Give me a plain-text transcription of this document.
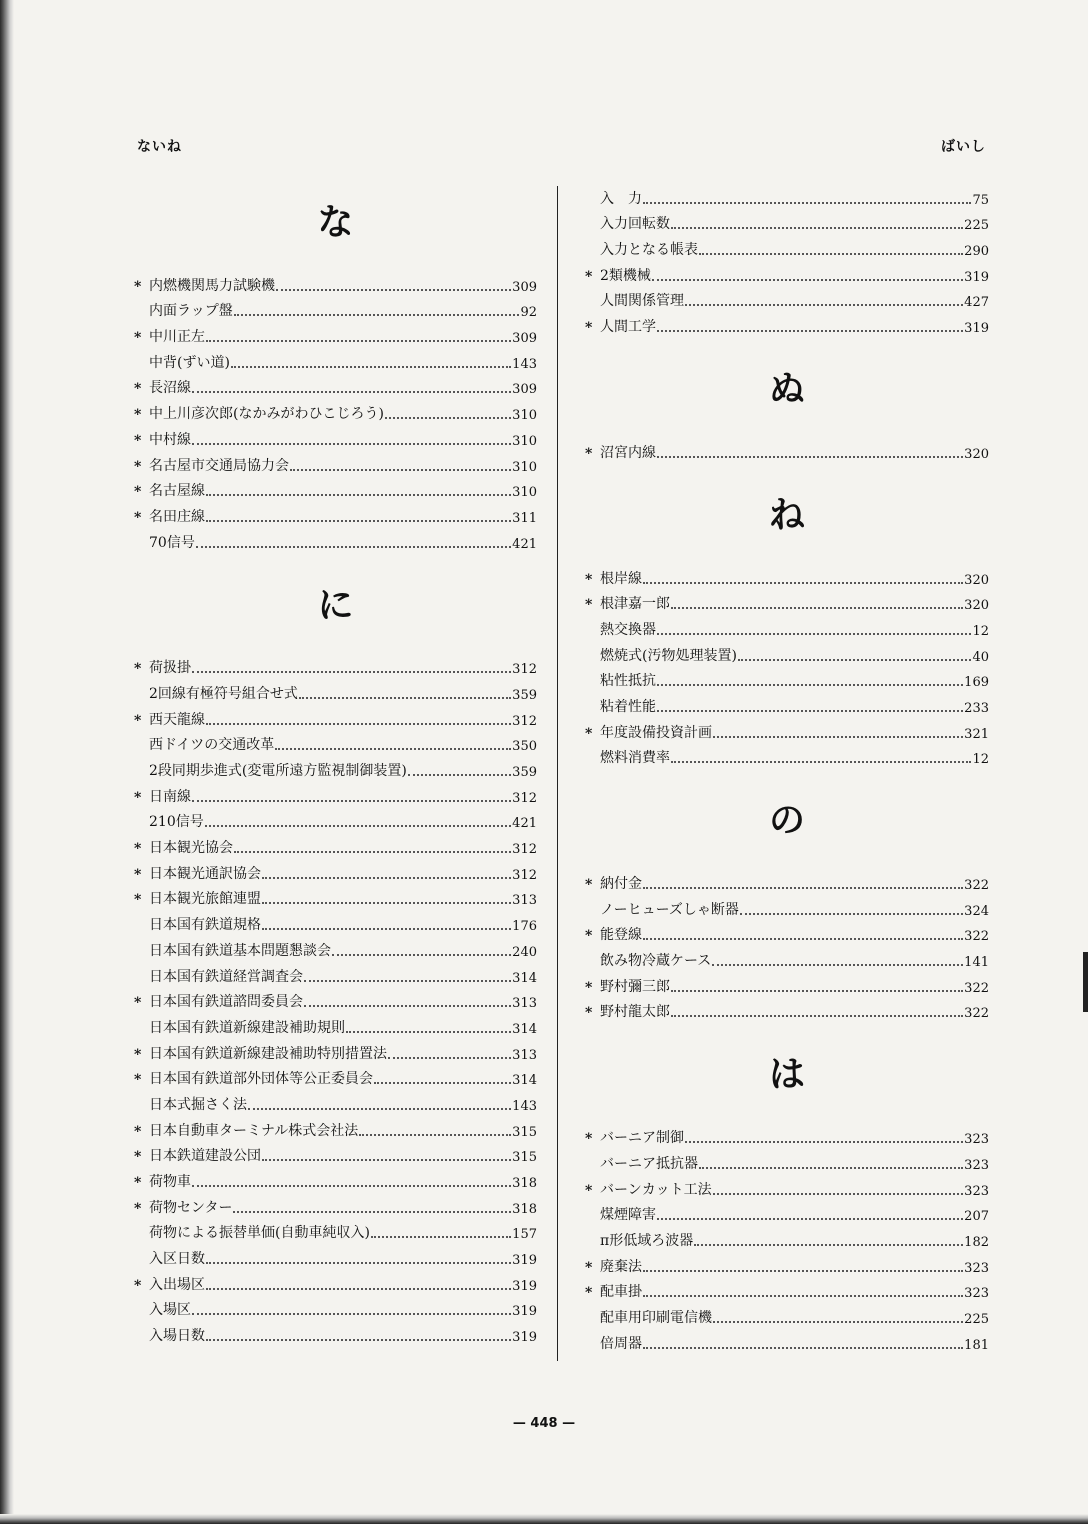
ないね	ばいし
な
* 内燃機関馬力試験機	309
内面ラップ盤	92
* 中川正左	309
中背(ずい道)	143
* 長沼線	309
* 中上川彦次郎(なかみがわひこじろう)	310
* 中村線	310
* 名古屋市交通局協力会	310
* 名古屋線	310
* 名田庄線	311
70信号	421
に
* 荷扱掛	312
2回線有極符号組合せ式	359
* 西天龍線	312
西ドイツの交通改革	350
2段同期歩進式(変電所遠方監視制御装置)	359
* 日南線	312
210信号	421
* 日本観光協会	312
* 日本観光通訳協会	312
* 日本観光旅館連盟	313
日本国有鉄道規格	176
日本国有鉄道基本問題懇談会	240
日本国有鉄道経営調査会	314
* 日本国有鉄道諮問委員会	313
日本国有鉄道新線建設補助規則	314
* 日本国有鉄道新線建設補助特別措置法	313
* 日本国有鉄道部外団体等公正委員会	314
日本式掘さく法	143
* 日本自動車ターミナル株式会社法	315
* 日本鉄道建設公団	315
* 荷物車	318
* 荷物センター	318
荷物による振替単価(自動車純収入)	157
入区日数	319
* 入出場区	319
入場区	319
入場日数	319
入　力	75
入力回転数	225
入力となる帳表	290
* 2類機械	319
人間関係管理	427
* 人間工学	319
ぬ
* 沼宮内線	320
ね
* 根岸線	320
* 根津嘉一郎	320
熱交換器	12
燃焼式(汚物処理装置)	40
粘性抵抗	169
粘着性能	233
* 年度設備投資計画	321
燃料消費率	12
の
* 納付金	322
ノーヒューズしゃ断器	324
* 能登線	322
飲み物冷蔵ケース	141
* 野村彌三郎	322
* 野村龍太郎	322
は
* バーニア制御	323
バーニア抵抗器	323
* バーンカット工法	323
煤煙障害	207
π形低域ろ波器	182
* 廃棄法	323
* 配車掛	323
配車用印刷電信機	225
倍周器	181
— 448 —
